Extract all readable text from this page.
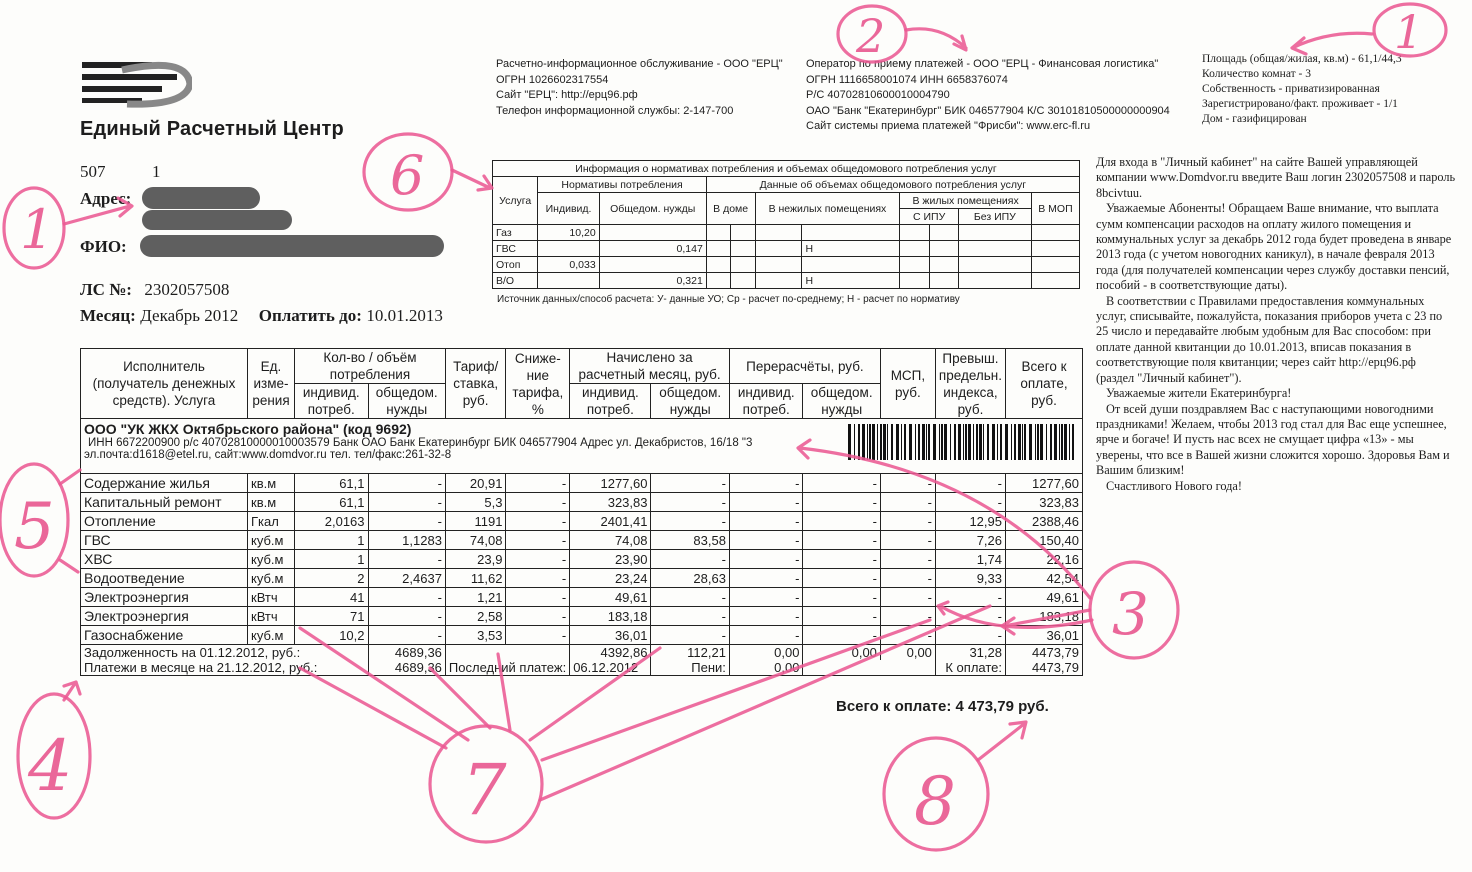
Единый Расчетный Центр
507	1
Адрес:
ФИО:
ЛС №: 2302057508
Месяц: Декабрь 2012 Оплатить до: 10.01.2013
Расчетно-информационное обслуживание - ООО "ЕРЦ"
ОГРН 1026602317554
Сайт "ЕРЦ": http://ерц96.рф
Телефон информационной службы: 2-147-700
Оператор по приему платежей - ООО "ЕРЦ - Финансовая логистика"
ОГРН 1116658001074 ИНН 6658376074
Р/С 40702810600010004790
ОАО "Банк "Екатеринбург" БИК 046577904 К/С 30101810500000000904
Сайт системы приема платежей "Фрисби": www.erc-fl.ru
Площадь (общая/жилая, кв.м) - 61,1/44,3
Количество комнат - 3
Собственность - приватизированная
Зарегистрировано/факт. проживает - 1/1
Дом - газифицирован
Информация о нормативах потребления и объемах общедомового потребления услуг										
Услуга	Нормативы потребления		Данные об объемах общедомового потребления услуг							
	Индивид.	Общедом. нужды	В доме		В нежилых помещениях		В жилых помещениях			В МОП
							С ИПУ		Без ИПУ	
Газ	10,20									
ГВС		0,147				Н				
Отоп	0,033									
В/О		0,321				Н				
Источник данных/способ расчета: У- данные УО; Ср - расчет по-среднему; Н - расчет по нормативу
Исполнитель (получатель денежных средств). Услуга	Ед. изме-рения	Кол-во / объём потребления		Тариф/ ставка, руб.	Сниже-ние тарифа, %	Начислено за расчетный месяц, руб.		Перерасчёты, руб.		МСП, руб.	Превыш. предельн. индекса, руб.	Всего к оплате, руб.
		индивид. потреб.	общедом. нужды			индивид. потреб.	общедом. нужды	индивид. потреб.	общедом. нужды			

ООО "УК ЖКХ Октябрьского района" (код 9692)
ИНН 6672200900 р/с 40702810000010003579 Банк ОАО Банк Екатеринбург БИК 046577904 Адрес ул. Декабристов, 16/18 "3
эл.почта:d1618@etel.ru, сайт:www.domdvor.ru тел. тел/факс:261-32-8												

Содержание жилья	кв.м	61,1	-	20,91	-	1277,60	-	-	-	-	-	1277,60
Капитальный ремонт	кв.м	61,1	-	5,3	-	323,83	-	-	-	-	-	323,83
Отопление	Гкал	2,0163	-	1191	-	2401,41	-	-	-	-	12,95	2388,46
ГВС	куб.м	1	1,1283	74,08	-	74,08	83,58	-	-	-	7,26	150,40
ХВС	куб.м	1	-	23,9	-	23,90	-	-	-	-	1,74	22,16
Водоотведение	куб.м	2	2,4637	11,62	-	23,24	28,63	-	-	-	9,33	42,54
Электроэнергия	кВтч	41	-	1,21	-	49,61	-	-	-	-	-	49,61
Электроэнергия	кВтч	71	-	2,58	-	183,18	-	-	-	-	-	183,18
Газоснабжение	куб.м	10,2	-	3,53	-	36,01	-	-	-	-	-	36,01
Задолженность на 01.12.2012, руб.:			4689,36			4392,86	112,21	0,00	0,00	0,00	31,28	4473,79
Платежи в месяце на 21.12.2012, руб.:			4689,36	Последний платеж:		06.12.2012	Пени:	0,00			К оплате:	4473,79
Всего к оплате: 4 473,79 руб.

Для входа в "Личный кабинет" на сайте Вашей управляющей компании www.Domdvor.ru введите Ваш логин 2302057508 и пароль 8bcivtuu.

Уважаемые Абоненты! Обращаем Ваше внимание, что выплата сумм компенсации расходов на оплату жилого помещения и коммунальных услуг за декабрь 2012 года будет проведена в январе 2013 года (с учетом новогодних каникул), в начале февраля 2013 года (для получателей компенсации через службу доставки пенсий, пособий - в соответствующие даты).

В соответствии с Правилами предоставления коммунальных услуг, списывайте, пожалуйста, показания приборов учета с 23 по 25 число и передавайте любым удобным для Вас способом: при оплате данной квитанции до 10.01.2013, вписав показания в соответствующие поля квитанции; через сайт http://ерц96.рф (раздел "Личный кабинет").

Уважаемые жители Екатеринбурга!

От всей души поздравляем Вас с наступающими новогодними праздниками! Желаем, чтобы 2013 год стал для Вас еще успешнее, ярче и богаче! И пусть нас всех не смущает цифра «13» - мы уверены, что все в Вашей жизни сложится хорошо. Здоровья Вам и Вашим близким!

Счастливого Нового года!

1
1
2
6
5
4
3
7	8
